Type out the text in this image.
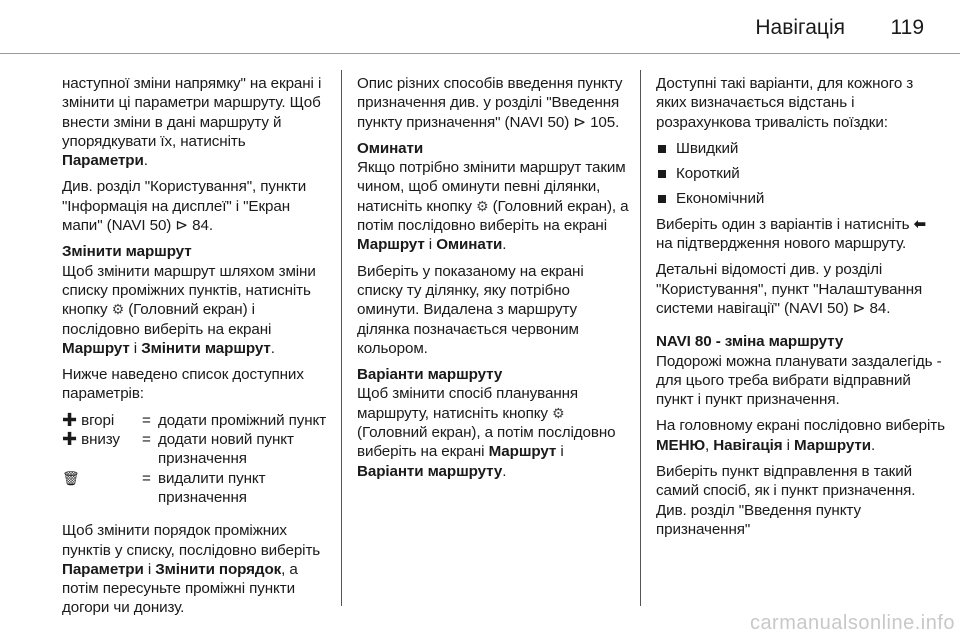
Навігація	119

наступної зміни напрямку" на екрані і змінити ці параметри маршруту. Щоб внести зміни в дані маршруту й упорядкувати їх, натисніть Параметри.

Див. розділ "Користування", пункти "Інформація на дисплеї" і "Екран мапи" (NAVI 50) ⊳ 84.

Змінити маршрут
Щоб змінити маршрут шляхом зміни списку проміжних пунктів, натисніть кнопку ⚙ (Головний екран) і послідовно виберіть на екрані Маршрут і Змінити маршрут.

Нижче наведено список доступних параметрів:

✚ вгорі	= додати проміжний пункт
✚ внизу	= додати новий пункт призначення
🗑	= видалити пункт призначення

Щоб змінити порядок проміжних пунктів у списку, послідовно виберіть Параметри і Змінити порядок, а потім пересуньте проміжні пункти догори чи донизу.

Опис різних способів введення пункту призначення див. у розділі "Введення пункту призначення" (NAVI 50) ⊳ 105.

Оминати
Якщо потрібно змінити маршрут таким чином, щоб оминути певні ділянки, натисніть кнопку ⚙ (Головний екран), а потім послідовно виберіть на екрані Маршрут і Оминати.

Виберіть у показаному на екрані списку ту ділянку, яку потрібно оминути. Видалена з маршруту ділянка позначається червоним кольором.

Варіанти маршруту
Щоб змінити спосіб планування маршруту, натисніть кнопку ⚙ (Головний екран), а потім послідовно виберіть на екрані Маршрут і Варіанти маршруту.

Доступні такі варіанти, для кожного з яких визначається відстань і розрахунковa тривалість поїздки:

Швидкий
Короткий
Економічний

Виберіть один з варіантів і натисніть ⬅ на підтвердження нового маршруту.

Детальні відомості див. у розділі "Користування", пункт "Налаштування системи навігації" (NAVI 50) ⊳ 84.

NAVI 80 - зміна маршруту
Подорожі можна планувати заздалегідь - для цього треба вибрати відправний пункт і пункт призначення.

На головному екрані послідовно виберіть МЕНЮ, Навігація і Маршрути.

Виберіть пункт відправлення в такий самий спосіб, як і пункт призначення. Див. розділ "Введення пункту призначення"

carmanualsonline.info
